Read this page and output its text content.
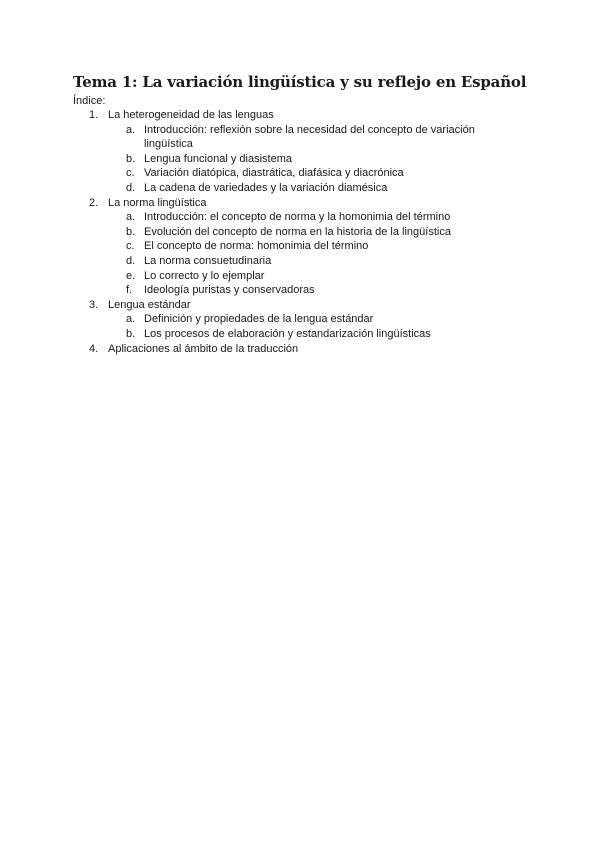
Tema 1: La variación lingüística y su reflejo en Español
Índice:
1. La heterogeneidad de las lenguas
a. Introducción: reflexión sobre la necesidad del concepto de variación lingüística
b. Lengua funcional y diasistema
c. Variación diatópica, diastrática, diafásica y diacrónica
d. La cadena de variedades y la variación diamésica
2. La norma lingüística
a. Introducción: el concepto de norma y la homonimia del término
b. Evolución del concepto de norma en la historia de la lingüística
c. El concepto de norma: homonimia del término
d. La norma consuetudinaria
e. Lo correcto y lo ejemplar
f. Ideología puristas y conservadoras
3. Lengua estándar
a. Definición y propiedades de la lengua estándar
b. Los procesos de elaboración y estandarización lingüísticas
4. Aplicaciones al ámbito de la traducción
